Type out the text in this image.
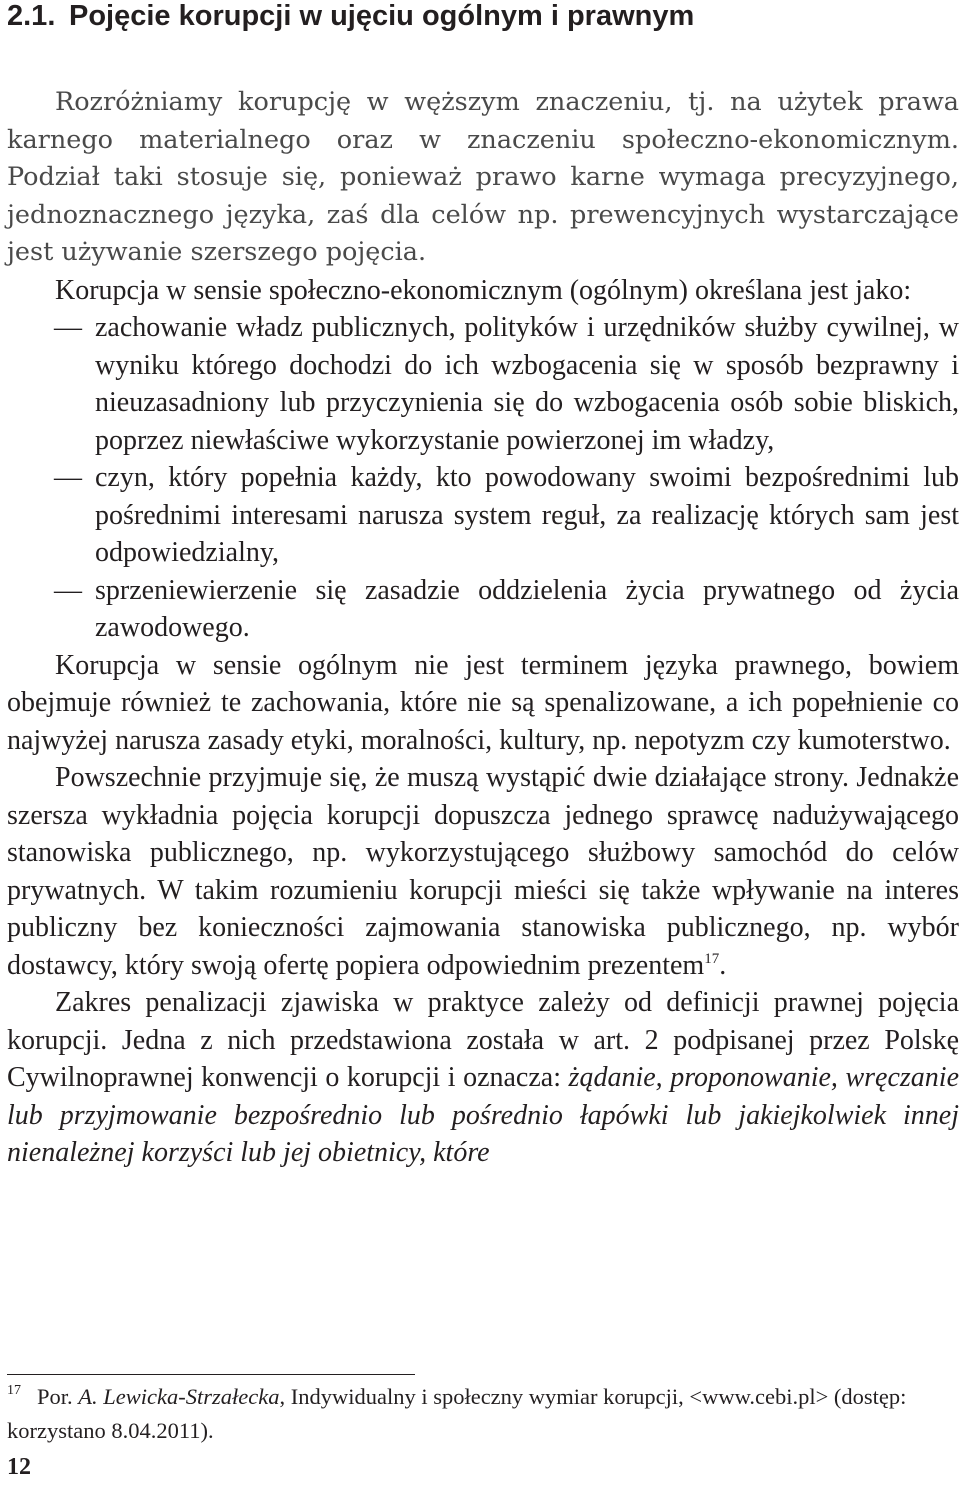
2.1. Pojęcie korupcji w ujęciu ogólnym i prawnym

Rozróżniamy korupcję w węższym znaczeniu, tj. na użytek prawa karnego materialnego oraz w znaczeniu społeczno-ekonomicznym. Podział taki stosuje się, ponieważ prawo karne wymaga precyzyjnego, jednoznacznego języka, zaś dla celów np. prewencyjnych wystarczające jest używanie szerszego pojęcia.

Korupcja w sensie społeczno-ekonomicznym (ogólnym) określana jest jako:

— zachowanie władz publicznych, polityków i urzędników służby cywilnej, w wyniku którego dochodzi do ich wzbogacenia się w sposób bezprawny i nieuzasadniony lub przyczynienia się do wzbogacenia osób sobie bliskich, poprzez niewłaściwe wykorzystanie powierzonej im władzy,
— czyn, który popełnia każdy, kto powodowany swoimi bezpośrednimi lub pośrednimi interesami narusza system reguł, za realizację których sam jest odpowiedzialny,
— sprzeniewierzenie się zasadzie oddzielenia życia prywatnego od życia zawodowego.

Korupcja w sensie ogólnym nie jest terminem języka prawnego, bowiem obejmuje również te zachowania, które nie są spenalizowane, a ich popełnienie co najwyżej narusza zasady etyki, moralności, kultury, np. nepotyzm czy kumoterstwo.

Powszechnie przyjmuje się, że muszą wystąpić dwie działające strony. Jednakże szersza wykładnia pojęcia korupcji dopuszcza jednego sprawcę nadużywającego stanowiska publicznego, np. wykorzystującego służbowy samochód do celów prywatnych. W takim rozumieniu korupcji mieści się także wpływanie na interes publiczny bez konieczności zajmowania stanowiska publicznego, np. wybór dostawcy, który swoją ofertę popiera odpowiednim prezentem$^{17}$.

Zakres penalizacji zjawiska w praktyce zależy od definicji prawnej pojęcia korupcji. Jedna z nich przedstawiona została w art. 2 podpisanej przez Polskę Cywilnoprawnej konwencji o korupcji i oznacza: żądanie, proponowanie, wręczanie lub przyjmowanie bezpośrednio lub pośrednio łapówki lub jakiejkolwiek innej nienależnej korzyści lub jej obietnicy, które

$^{17}$ Por. A. Lewicka-Strzałecka, Indywidualny i społeczny wymiar korupcji, <www.cebi.pl> (dostęp: korzystano 8.04.2011).
12
